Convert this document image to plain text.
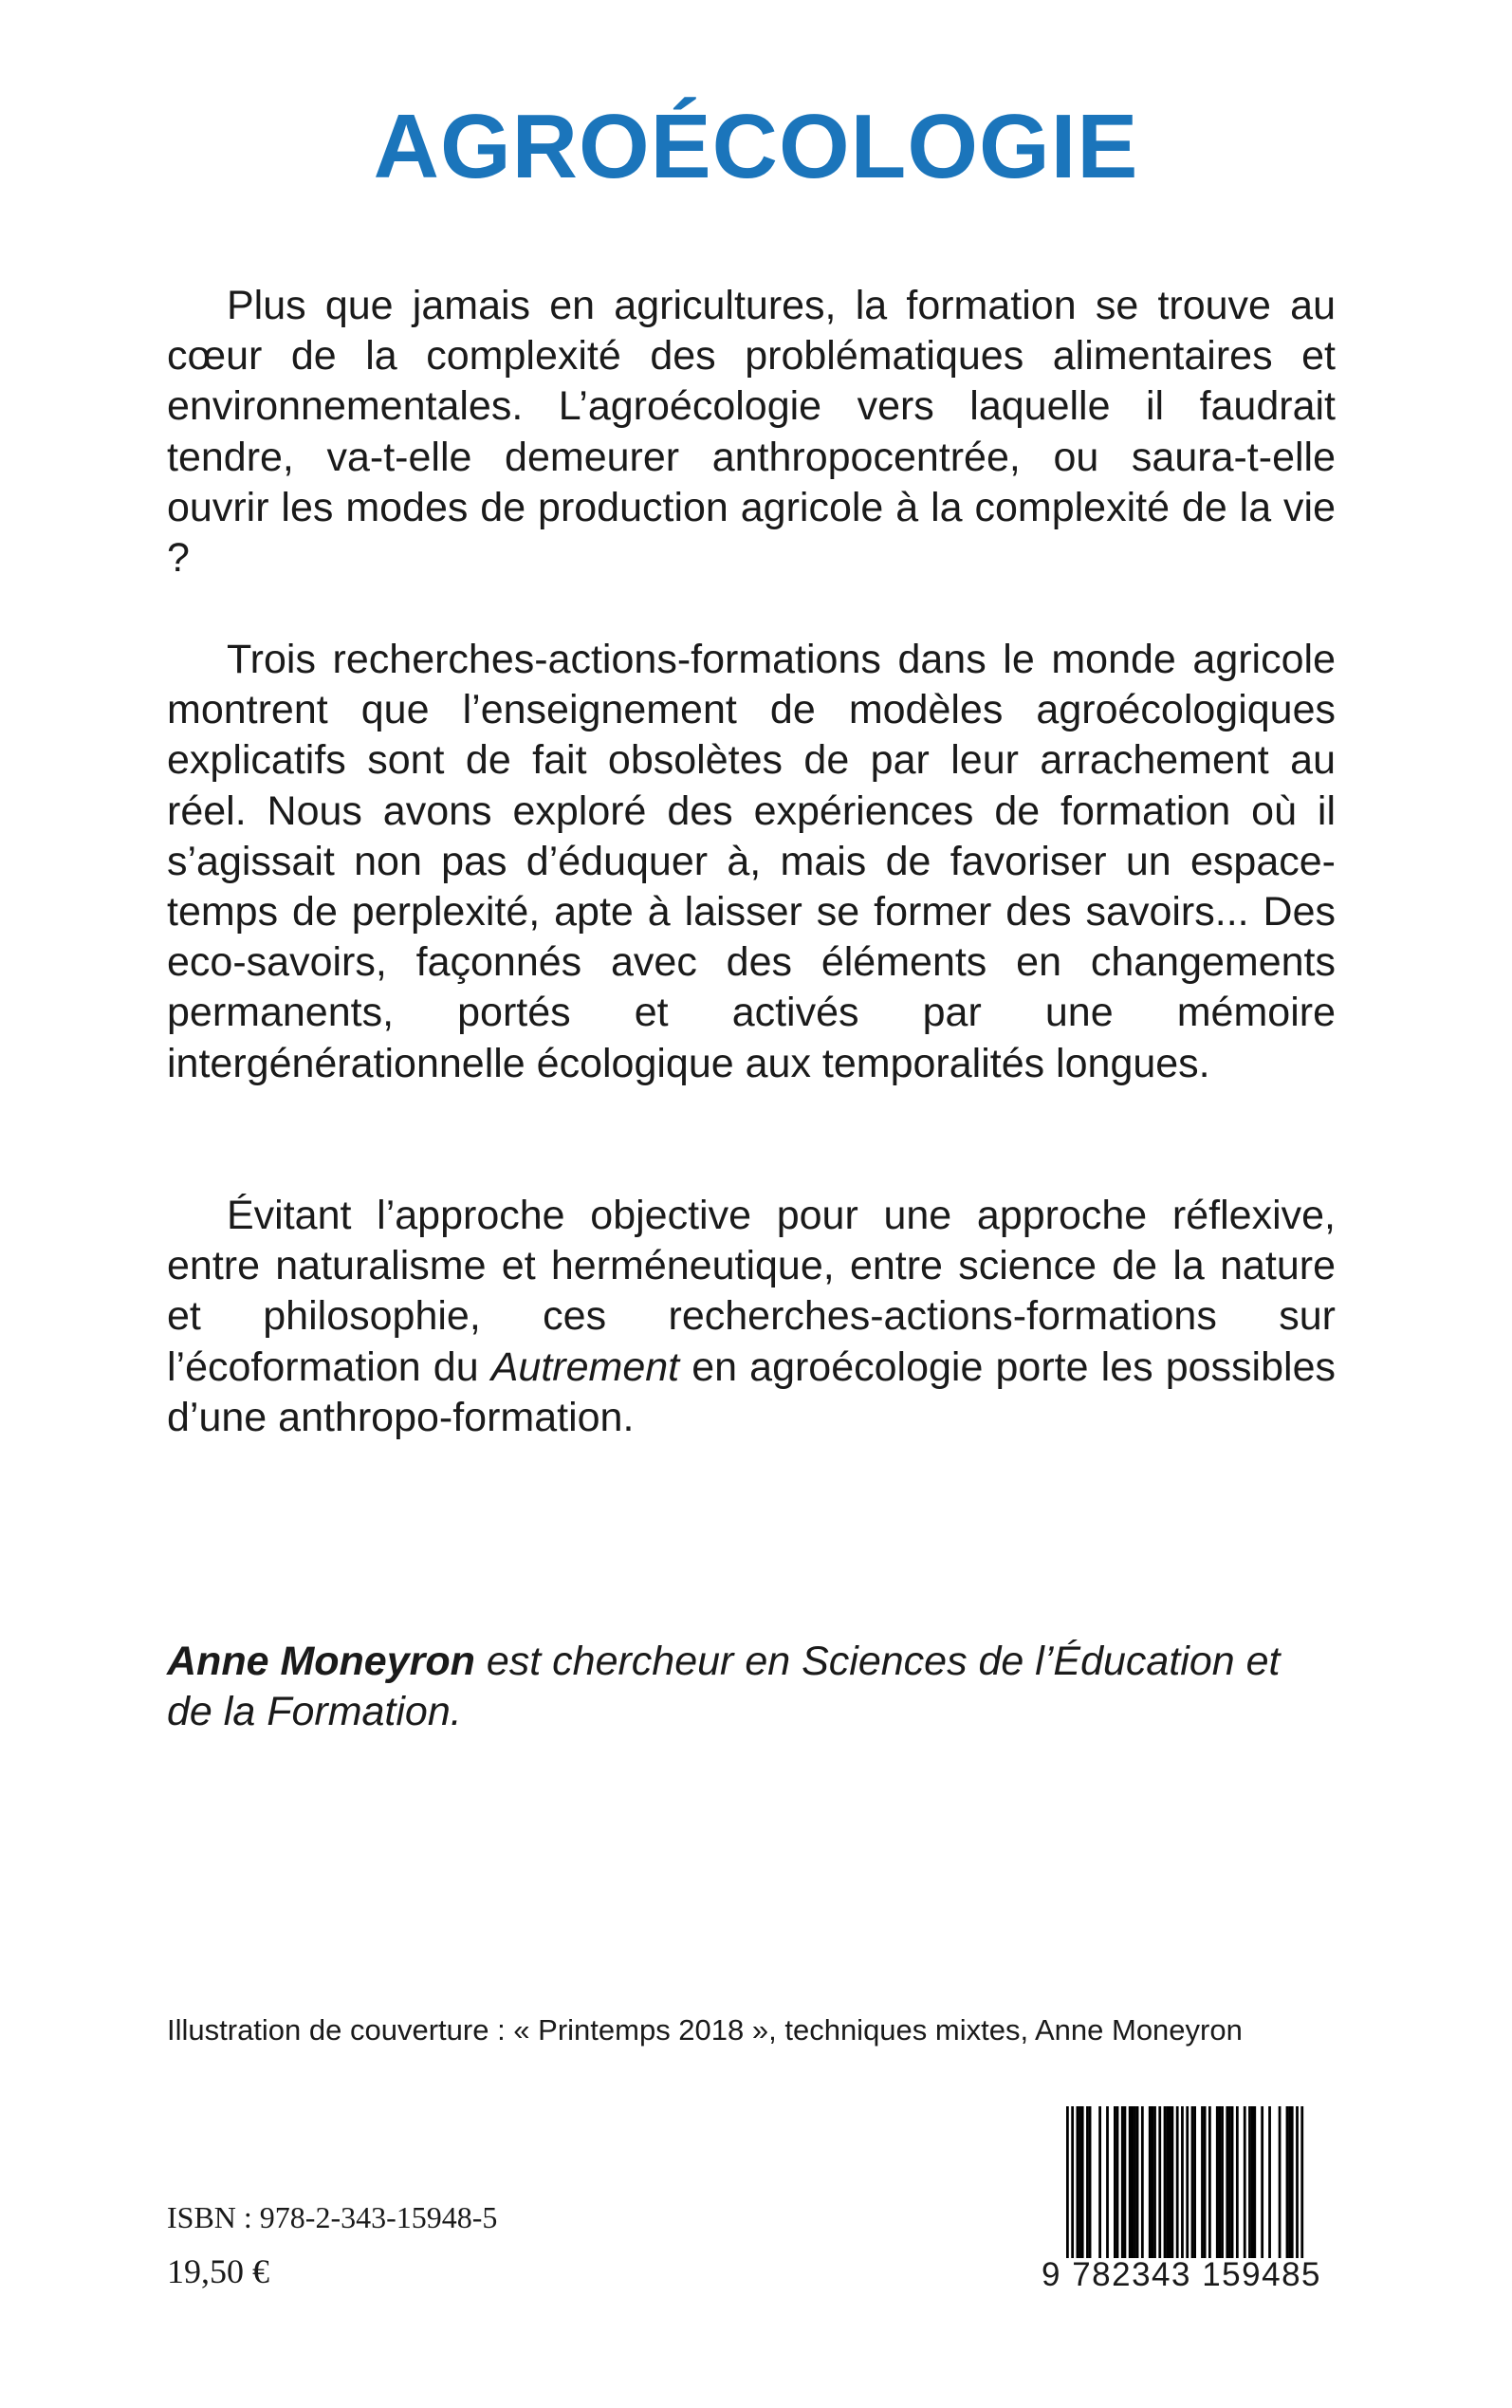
AGROÉCOLOGIE

Plus que jamais en agricultures, la formation se trouve au cœur de la complexité des problématiques alimentaires et environnementales. L’agroécologie vers laquelle il faudrait tendre, va-t-elle demeurer anthropocentrée, ou saura-t-elle ouvrir les modes de production agricole à la complexité de la vie ?

Trois recherches-actions-formations dans le monde agricole montrent que l’enseignement de modèles agroécologiques explicatifs sont de fait obsolètes de par leur arrachement au réel. Nous avons exploré des expériences de formation où il s’agissait non pas d’éduquer à, mais de favoriser un espace-temps de perplexité, apte à laisser se former des savoirs... Des eco-savoirs, façonnés avec des éléments en changements permanents, portés et activés par une mémoire intergénérationnelle écologique aux temporalités longues.

Évitant l’approche objective pour une approche réflexive, entre naturalisme et herméneutique, entre science de la nature et philosophie, ces recherches-actions-formations sur l’écoformation du Autrement en agroécologie porte les possibles d’une anthropo-formation.

Anne Moneyron est chercheur en Sciences de l’Éducation et de la Formation.

Illustration de couverture : « Printemps 2018 », techniques mixtes, Anne Moneyron

ISBN : 978-2-343-15948-5

19,50 €	9 782343 159485
